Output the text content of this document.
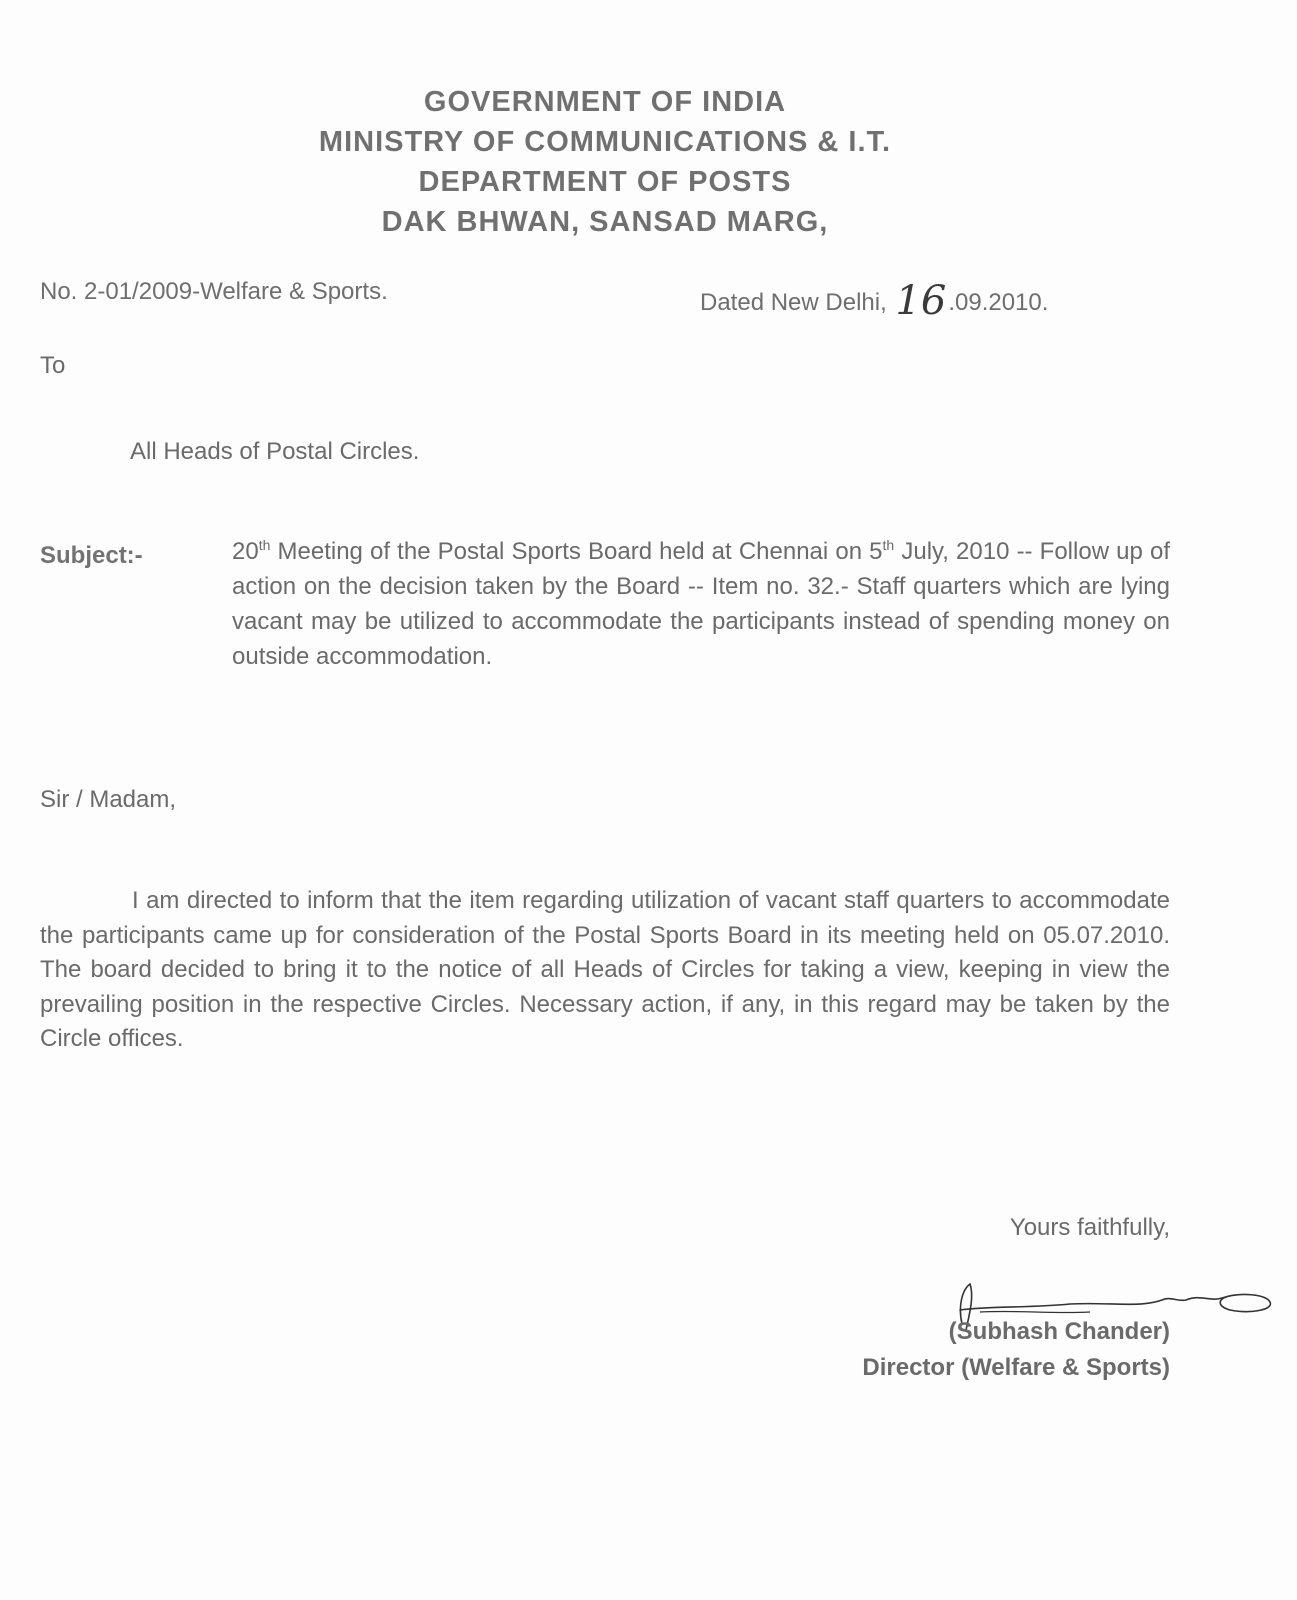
GOVERNMENT OF INDIA
MINISTRY OF COMMUNICATIONS & I.T.
DEPARTMENT OF POSTS
DAK BHWAN, SANSAD MARG,
No. 2-01/2009-Welfare & Sports.	Dated New Delhi, 16.09.2010.
To
All Heads of Postal Circles.
Subject:-	20th Meeting of the Postal Sports Board held at Chennai on 5th July, 2010 -- Follow up of action on the decision taken by the Board -- Item no. 32.- Staff quarters which are lying vacant may be utilized to accommodate the participants instead of spending money on outside accommodation.
Sir / Madam,
I am directed to inform that the item regarding utilization of vacant staff quarters to accommodate the participants came up for consideration of the Postal Sports Board in its meeting held on 05.07.2010. The board decided to bring it to the notice of all Heads of Circles for taking a view, keeping in view the prevailing position in the respective Circles. Necessary action, if any, in this regard may be taken by the Circle offices.
Yours faithfully,
(Subhash Chander)
Director (Welfare & Sports)
